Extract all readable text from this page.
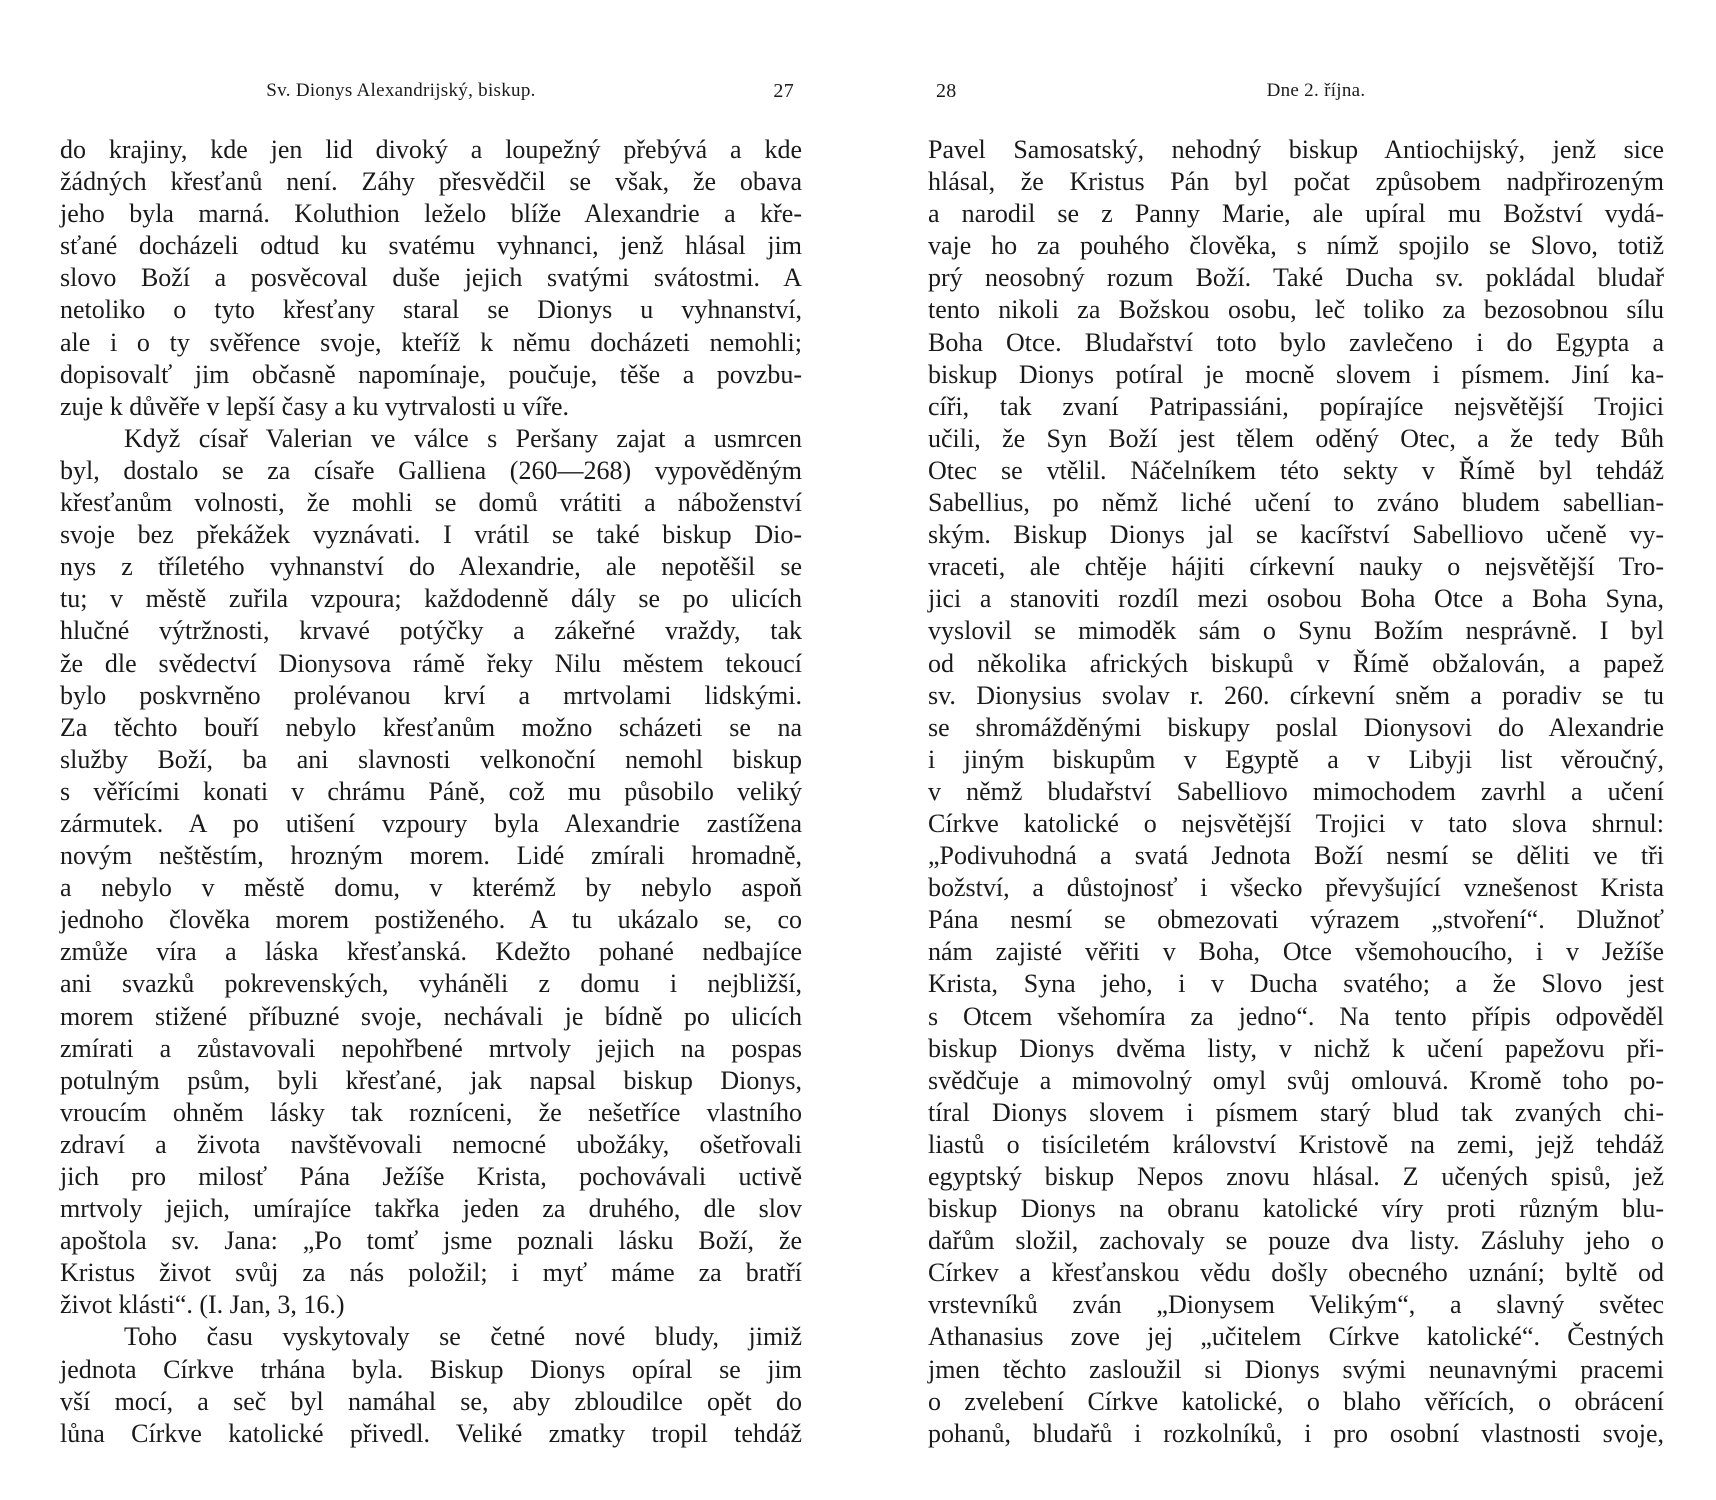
Sv. Dionys Alexandrijský, biskup.	27
do krajiny, kde jen lid divoký a loupežný přebývá a kde
žádných křesťanů není. Záhy přesvědčil se však, že obava
jeho byla marná. Koluthion leželo blíže Alexandrie a kře-
sťané docházeli odtud ku svatému vyhnanci, jenž hlásal jim
slovo Boží a posvěcoval duše jejich svatými svátostmi. A
netoliko o tyto křesťany staral se Dionys u vyhnanství,
ale i o ty svěřence svoje, kteříž k němu docházeti nemohli;
dopisovalť jim občasně napomínaje, poučuje, těše a povzbu-
zuje k důvěře v lepší časy a ku vytrvalosti u víře.
Když císař Valerian ve válce s Peršany zajat a usmrcen
byl, dostalo se za císaře Galliena (260—268) vypověděným
křesťanům volnosti, že mohli se domů vrátiti a náboženství
svoje bez překážek vyznávati. I vrátil se také biskup Dio-
nys z tříletého vyhnanství do Alexandrie, ale nepotěšil se
tu; v městě zuřila vzpoura; každodenně dály se po ulicích
hlučné výtržnosti, krvavé potýčky a zákeřné vraždy, tak
že dle svědectví Dionysova rámě řeky Nilu městem tekoucí
bylo poskvrněno prolévanou krví a mrtvolami lidskými.
Za těchto bouří nebylo křesťanům možno scházeti se na
služby Boží, ba ani slavnosti velkonoční nemohl biskup
s věřícími konati v chrámu Páně, což mu působilo veliký
zármutek. A po utišení vzpoury byla Alexandrie zastížena
novým neštěstím, hrozným morem. Lidé zmírali hromadně,
a nebylo v městě domu, v kterémž by nebylo aspoň
jednoho člověka morem postiženého. A tu ukázalo se, co
zmůže víra a láska křesťanská. Kdežto pohané nedbajíce
ani svazků pokrevenských, vyháněli z domu i nejbližší,
morem stižené příbuzné svoje, nechávali je bídně po ulicích
zmírati a zůstavovali nepohřbené mrtvoly jejich na pospas
potulným psům, byli křesťané, jak napsal biskup Dionys,
vroucím ohněm lásky tak rozníceni, že nešetříce vlastního
zdraví a života navštěvovali nemocné ubožáky, ošetřovali
jich pro milosť Pána Ježíše Krista, pochovávali uctivě
mrtvoly jejich, umírajíce takřka jeden za druhého, dle slov
apoštola sv. Jana: „Po tomť jsme poznali lásku Boží, že
Kristus život svůj za nás položil; i myť máme za bratří
život klásti“. (I. Jan, 3, 16.)
Toho času vyskytovaly se četné nové bludy, jimiž
jednota Církve trhána byla. Biskup Dionys opíral se jim
vší mocí, a seč byl namáhal se, aby zbloudilce opět do
lůna Církve katolické přivedl. Veliké zmatky tropil tehdáž
28	Dne 2. října.
Pavel Samosatský, nehodný biskup Antiochijský, jenž sice
hlásal, že Kristus Pán byl počat způsobem nadpřirozeným
a narodil se z Panny Marie, ale upíral mu Božství vydá-
vaje ho za pouhého člověka, s nímž spojilo se Slovo, totiž
prý neosobný rozum Boží. Také Ducha sv. pokládal bludař
tento nikoli za Božskou osobu, leč toliko za bezosobnou sílu
Boha Otce. Bludařství toto bylo zavlečeno i do Egypta a
biskup Dionys potíral je mocně slovem i písmem. Jiní ka-
cíři, tak zvaní Patripassiáni, popírajíce nejsvětější Trojici
učili, že Syn Boží jest tělem oděný Otec, a že tedy Bůh
Otec se vtělil. Náčelníkem této sekty v Římě byl tehdáž
Sabellius, po němž liché učení to zváno bludem sabellian-
ským. Biskup Dionys jal se kacířství Sabelliovo učeně vy-
vraceti, ale chtěje hájiti církevní nauky o nejsvětější Tro-
jici a stanoviti rozdíl mezi osobou Boha Otce a Boha Syna,
vyslovil se mimoděk sám o Synu Božím nesprávně. I byl
od několika afrických biskupů v Římě obžalován, a papež
sv. Dionysius svolav r. 260. církevní sněm a poradiv se tu
se shromážděnými biskupy poslal Dionysovi do Alexandrie
i jiným biskupům v Egyptě a v Libyji list věroučný,
v němž bludařství Sabelliovo mimochodem zavrhl a učení
Církve katolické o nejsvětější Trojici v tato slova shrnul:
„Podivuhodná a svatá Jednota Boží nesmí se děliti ve tři
božství, a důstojnosť i všecko převyšující vznešenost Krista
Pána nesmí se obmezovati výrazem „stvoření“. Dlužnoť
nám zajisté věřiti v Boha, Otce všemohoucího, i v Ježíše
Krista, Syna jeho, i v Ducha svatého; a že Slovo jest
s Otcem všehomíra za jedno“. Na tento přípis odpověděl
biskup Dionys dvěma listy, v nichž k učení papežovu při-
svědčuje a mimovolný omyl svůj omlouvá. Kromě toho po-
tíral Dionys slovem i písmem starý blud tak zvaných chi-
liastů o tisíciletém království Kristově na zemi, jejž tehdáž
egyptský biskup Nepos znovu hlásal. Z učených spisů, jež
biskup Dionys na obranu katolické víry proti různým blu-
dařům složil, zachovaly se pouze dva listy. Zásluhy jeho o
Církev a křesťanskou vědu došly obecného uznání; byltě od
vrstevníků zván „Dionysem Velikým“, a slavný světec
Athanasius zove jej „učitelem Církve katolické“. Čestných
jmen těchto zasloužil si Dionys svými neunavnými pracemi
o zvelebení Církve katolické, o blaho věřících, o obrácení
pohanů, bludařů i rozkolníků, i pro osobní vlastnosti svoje,
